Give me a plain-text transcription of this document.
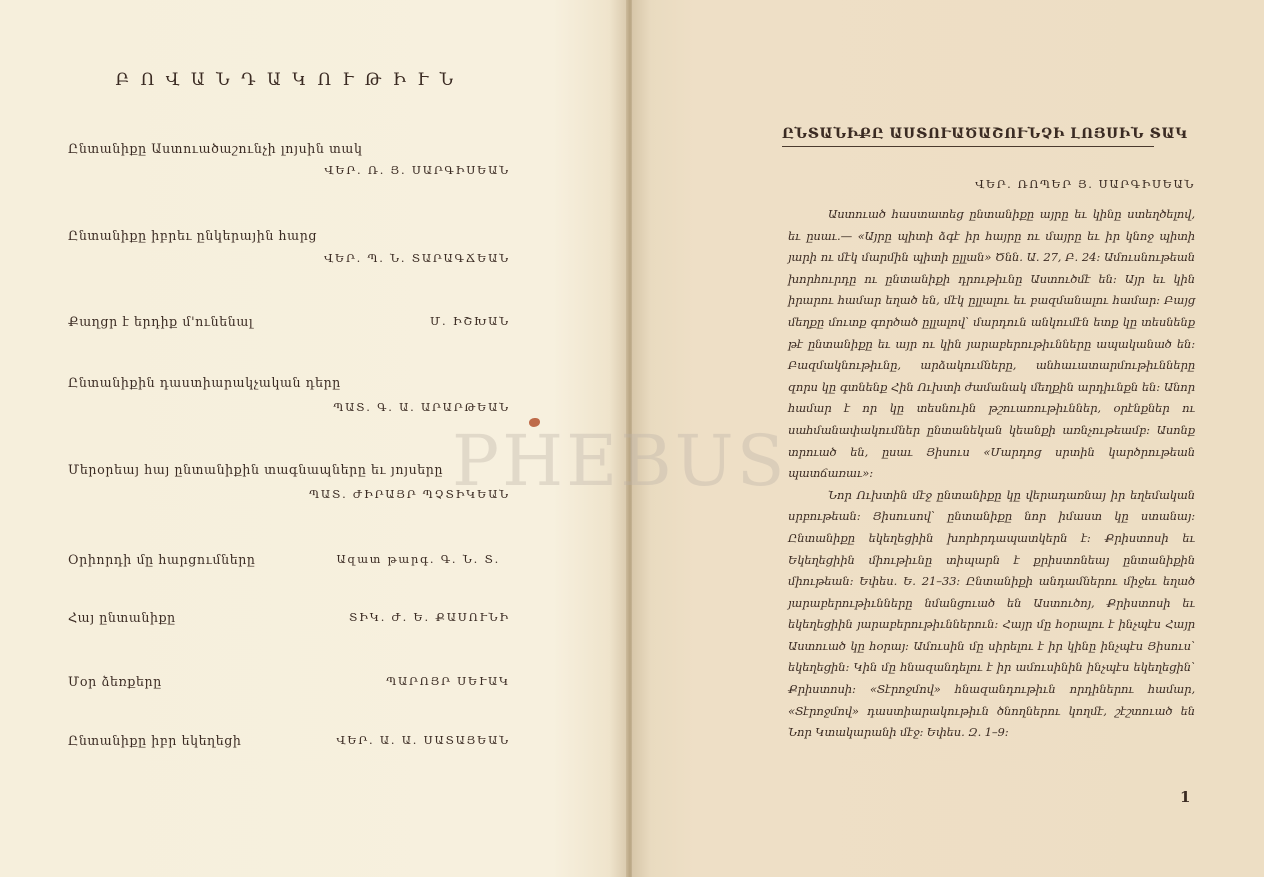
ԲՈՎԱՆԴԱԿՈՒԹԻՒՆ
Ընտանիքը Աստուածաշունչի լոյսին տակ
ՎԵՐ. Ռ. Յ. ՍԱՐԳԻՍԵԱՆ
Ընտանիքը իբրեւ ընկերային հարց
ՎԵՐ. Պ. Ն. ՏԱՐԱԳՃԵԱՆ
Քաղցր է երդիք մ'ունենալ	Մ. ԻՇԽԱՆ
Ընտանիքին դաստիարակչական դերը
ՊԱՏ. Գ. Ա. ԱՐԱՐԹԵԱՆ
Մերօրեայ հայ ընտանիքին տագնապները եւ յոյսերը
ՊԱՏ. ԺԻՐԱՅՐ ՊՉՏԻԿԵԱՆ
Օրիորդի մը հարցումները	Ազատ թարգ. Գ. Ն. Տ.
Հայ ընտանիքը	ՏԻԿ. Ժ. Ե. ՔԱՍՈՒՆԻ
Մօր ձեռքերը	ՊԱՐՈՅՐ ՍԵՒԱԿ
Ընտանիքը իբր եկեղեցի	ՎԵՐ. Ա. Ա. ՍԱՏԱՅԵԱՆ
ԸՆՏԱՆԻՔԸ ԱՍՏՈՒԱԾԱՇՈՒՆՉԻ ԼՈՅՍԻՆ ՏԱԿ
ՎԵՐ. ՌՈՊԵՐ Յ. ՍԱՐԳԻՍԵԱՆ

Աստուած հաստատեց ընտանիքը այրը եւ կինը ստեղծելով, եւ ըսաւ.— «Այրը պիտի ձգէ իր հայրը ու մայրը եւ իր կնոջ պիտի յարի ու մէկ մարմին պիտի ըլլան» Ծնն. Ա. 27, Բ. 24։ Ամուսնութեան խորհուրդը ու ընտանիքի դրութիւնը Աստուծմէ են։ Այր եւ կին իրարու համար եղած են, մէկ ըլլալու եւ բազմանալու համար։ Բայց մեղքը մուտք գործած ըլլալով՝ մարդուն անկումէն ետք կը տեսնենք թէ ընտանիքը եւ այր ու կին յարաբերութիւնները ապականած են։ Բազմակնութիւնը, արձակումները, անհաւատարմութիւնները զորս կը գտնենք Հին Ուխտի ժամանակ մեղքին արդիւնքն են։ Անոր համար է որ կը տեսնուին թշուառութիւններ, օրէնքներ ու սահմանափակումներ ընտանեկան կեանքի առնչութեամբ։ Ասոնք տրուած են, ըսաւ Յիսուս «Մարդոց սրտին կարծրութեան պատճառաւ»։

Նոր Ուխտին մէջ ընտանիքը կը վերադառնայ իր եղեմական սրբութեան։ Յիսուսով՝ ընտանիքը նոր իմաստ կը ստանայ։ Ընտանիքը եկեղեցիին խորհրդապատկերն է։ Քրիստոսի եւ Եկեղեցիին միութիւնը տիպարն է քրիստոնեայ ընտանիքին միութեան։ Եփես. Ե. 21–33։ Ընտանիքի անդամներու միջեւ եղած յարաբերութիւնները նմանցուած են Աստուծոյ, Քրիստոսի եւ եկեղեցիին յարաբերութիւններուն։ Հայր մը հօրալու է ինչպէս Հայր Աստուած կը հօրայ։ Ամուսին մը սիրելու է իր կինը ինչպէս Յիսուս՝ եկեղեցին։ Կին մը հնազանդելու է իր ամուսինին ինչպէս եկեղեցին՝ Քրիստոսի։ «Տէրոջմով» հնազանդութիւն որդիներու համար, «Տէրոջմով» դաստիարակութիւն ծնողներու կողմէ, շէշտուած են Նոր Կտակարանի մէջ։ Եփես. Զ. 1–9։

1
PHEBUS
